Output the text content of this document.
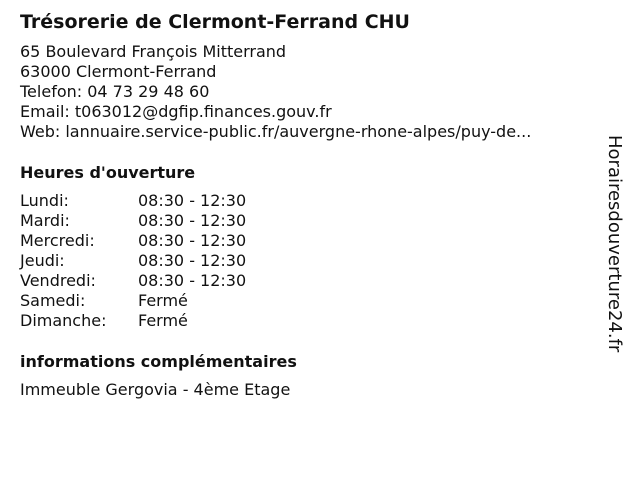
Trésorerie de Clermont-Ferrand CHU
65 Boulevard François Mitterrand
63000 Clermont-Ferrand
Telefon: 04 73 29 48 60
Email: t063012@dgfip.finances.gouv.fr
Web: lannuaire.service-public.fr/auvergne-rhone-alpes/puy-de...
Heures d'ouverture
Lundi:	08:30 - 12:30
Mardi:	08:30 - 12:30
Mercredi:	08:30 - 12:30
Jeudi:	08:30 - 12:30
Vendredi:	08:30 - 12:30
Samedi:	Fermé
Dimanche:	Fermé
informations complémentaires
Immeuble Gergovia - 4ème Etage
Horairesdouverture24.fr
